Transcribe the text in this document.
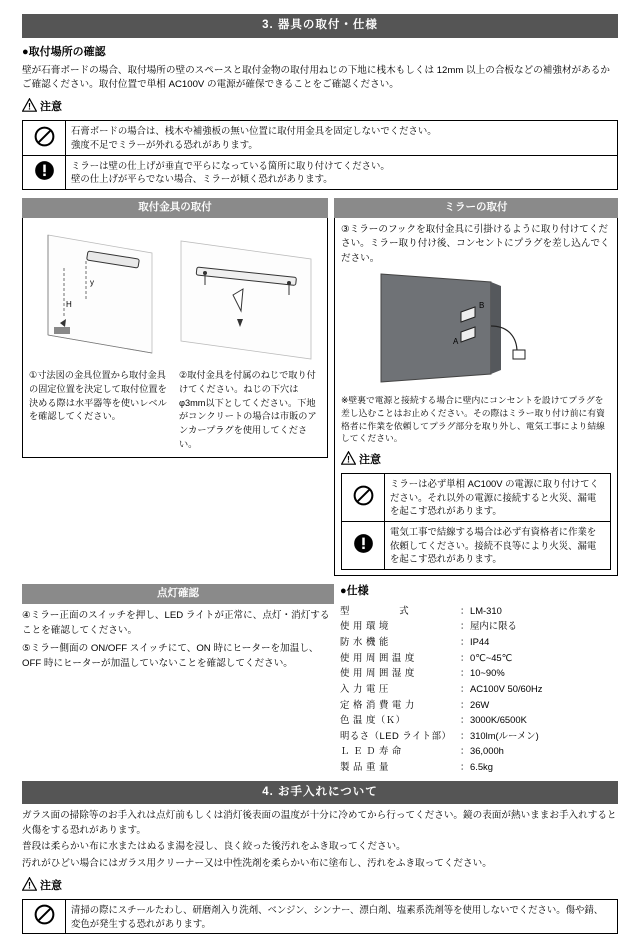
3. 器具の取付・仕様
●取付場所の確認

壁が石膏ボードの場合、取付場所の壁のスペースと取付金物の取付用ねじの下地に桟木もしくは 12mm 以上の合板などの補強材があるかご確認ください。取付位置で単相 AC100V の電源が確保できることをご確認ください。

! 注意

石膏ボードの場合は、桟木や補強板の無い位置に取付用金具を固定しないでください。
強度不足でミラーが外れる恐れがあります。

ミラーは壁の仕上げが垂直で平らになっている箇所に取り付けてください。
壁の仕上げが平らでない場合、ミラーが傾く恐れがあります。
取付金具の取付
y
H
①寸法図の金具位置から取付金具の固定位置を決定して取付位置を決める際は水平器等を使いレベルを確認してください。
②取付金具を付属のねじで取り付けてください。ねじの下穴はφ3mm以下としてください。下地がコンクリートの場合は市販のアンカープラグを使用してください。
ミラーの取付

③ミラーのフックを取付金具に引掛けるように取り付けてください。ミラー取り付け後、コンセントにプラグを差し込んでください。

B
A

※壁裏で電源と接続する場合に壁内にコンセントを設けてプラグを差し込むことはお止めください。その際はミラー取り付け前に有資格者に作業を依頼してプラグ部分を取り外し、電気工事により結線してください。

! 注意
	ミラーは必ず単相 AC100V の電源に取り付けてください。それ以外の電源に接続すると火災、漏電を起こす恐れがあります。
	電気工事で結線する場合は必ず有資格者に作業を依頼してください。接続不良等により火災、漏電を起こす恐れがあります。
点灯確認

④ミラー正面のスイッチを押し、LED ライトが正常に、点灯・消灯することを確認してください。

⑤ミラー側面の ON/OFF スイッチにて、ON 時にヒーターを加温し、OFF 時にヒーターが加温していないことを確認してください。

●仕様
型　　　　　式	：	LM-310
使 用 環 境	：	屋内に限る
防 水 機 能	：	IP44
使 用 周 囲 温 度	：	0℃~45℃
使 用 周 囲 湿 度	：	10~90%
入 力 電 圧	：	AC100V 50/60Hz
定 格 消 費 電 力	：	26W
色 温 度（Ｋ）	：	3000K/6500K
明るさ（LED ライト部）	：	310lm(ルーメン)
Ｌ Ｅ Ｄ 寿 命	：	36,000h
製 品 重 量	：	6.5kg
4. お手入れについて

ガラス面の掃除等のお手入れは点灯前もしくは消灯後表面の温度が十分に冷めてから行ってください。鏡の表面が熱いままお手入れすると火傷をする恐れがあります。

普段は柔らかい布に水またはぬるま湯を浸し、良く絞った後汚れをふき取ってください。

汚れがひどい場合にはガラス用クリーナー又は中性洗剤を柔らかい布に塗布し、汚れをふき取ってください。

! 注意
	清掃の際にスチールたわし、研磨剤入り洗剤、ベンジン、シンナー、漂白剤、塩素系洗剤等を使用しないでください。傷や錆、変色が発生する恐れがあります。
